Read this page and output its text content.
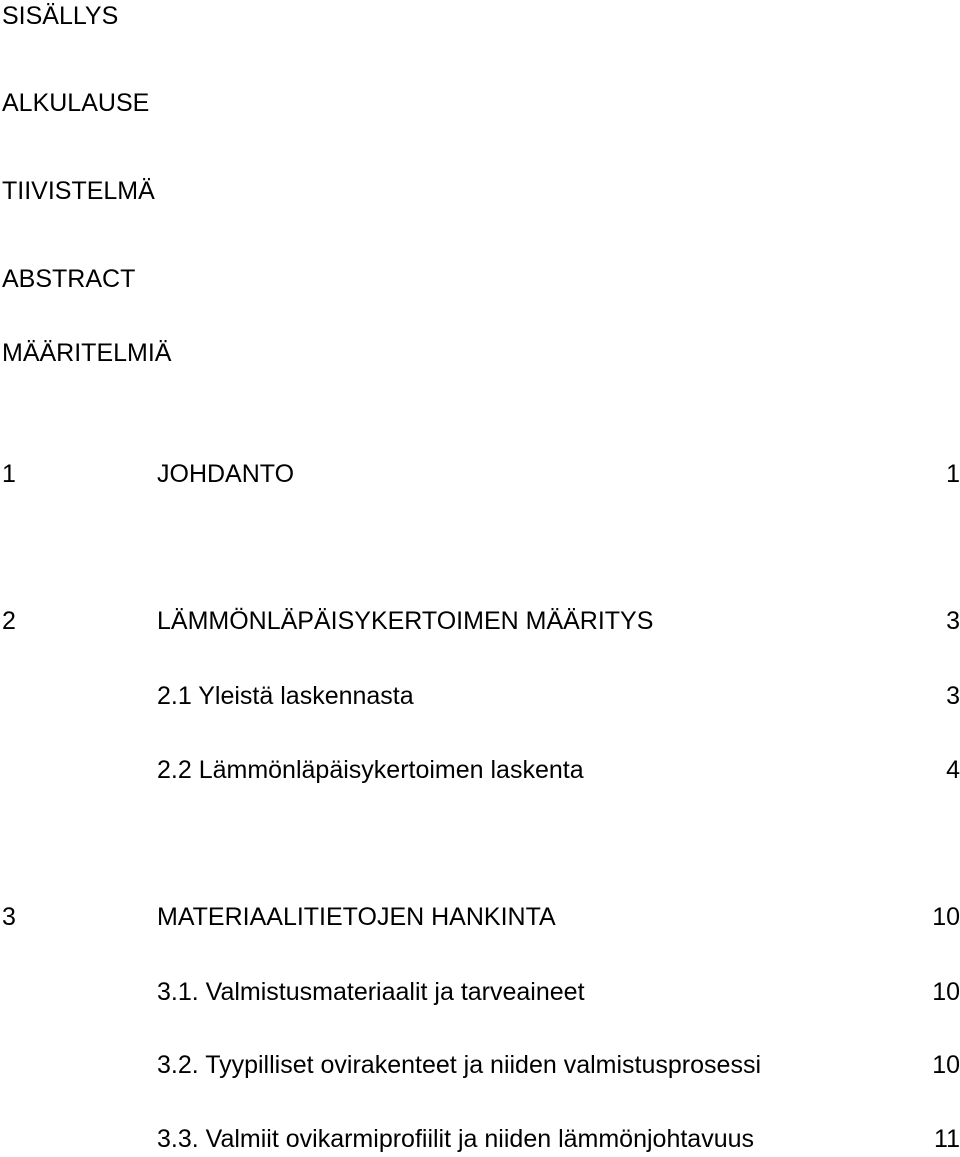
SISÄLLYS
ALKULAUSE
TIIVISTELMÄ
ABSTRACT
MÄÄRITELMIÄ
1	JOHDANTO	1
2	LÄMMÖNLÄPÄISYKERTOIMEN MÄÄRITYS	3
2.1 Yleistä laskennasta	3
2.2 Lämmönläpäisykertoimen laskenta	4
3	MATERIAALITIETOJEN HANKINTA	10
3.1. Valmistusmateriaalit ja tarveaineet	10
3.2. Tyypilliset ovirakenteet ja niiden valmistusprosessi	10
3.3. Valmiit ovikarmiprofiilit ja niiden lämmönjohtavuus	11
